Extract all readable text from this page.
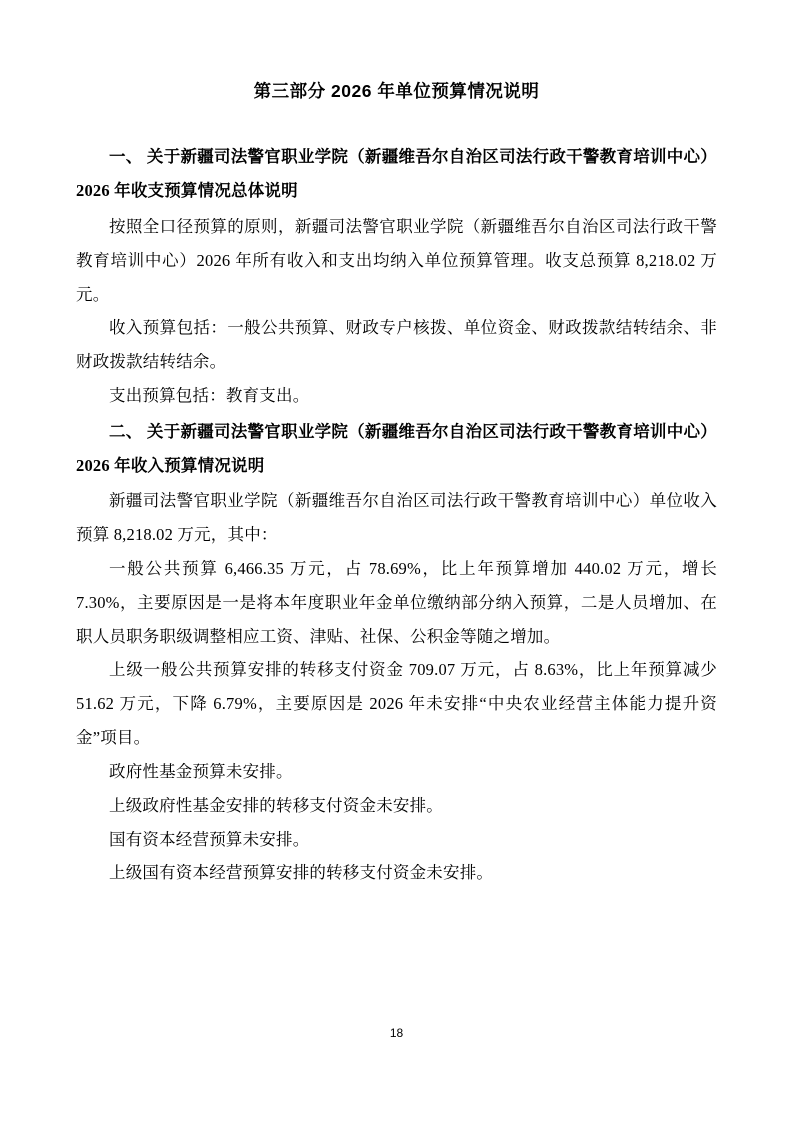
第三部分 2026 年单位预算情况说明

一、 关于新疆司法警官职业学院（新疆维吾尔自治区司法行政干警教育培训中心）2026 年收支预算情况总体说明

按照全口径预算的原则，新疆司法警官职业学院（新疆维吾尔自治区司法行政干警教育培训中心）2026 年所有收入和支出均纳入单位预算管理。收支总预算 8,218.02 万元。

收入预算包括：一般公共预算、财政专户核拨、单位资金、财政拨款结转结余、非财政拨款结转结余。

支出预算包括：教育支出。

二、 关于新疆司法警官职业学院（新疆维吾尔自治区司法行政干警教育培训中心）2026 年收入预算情况说明

新疆司法警官职业学院（新疆维吾尔自治区司法行政干警教育培训中心）单位收入预算 8,218.02 万元，其中：

一般公共预算 6,466.35 万元，占 78.69%，比上年预算增加 440.02 万元，增长 7.30%，主要原因是一是将本年度职业年金单位缴纳部分纳入预算，二是人员增加、在职人员职务职级调整相应工资、津贴、社保、公积金等随之增加。

上级一般公共预算安排的转移支付资金 709.07 万元，占 8.63%，比上年预算减少 51.62 万元，下降 6.79%，主要原因是 2026 年未安排“中央农业经营主体能力提升资金”项目。

政府性基金预算未安排。

上级政府性基金安排的转移支付资金未安排。

国有资本经营预算未安排。

上级国有资本经营预算安排的转移支付资金未安排。

18
